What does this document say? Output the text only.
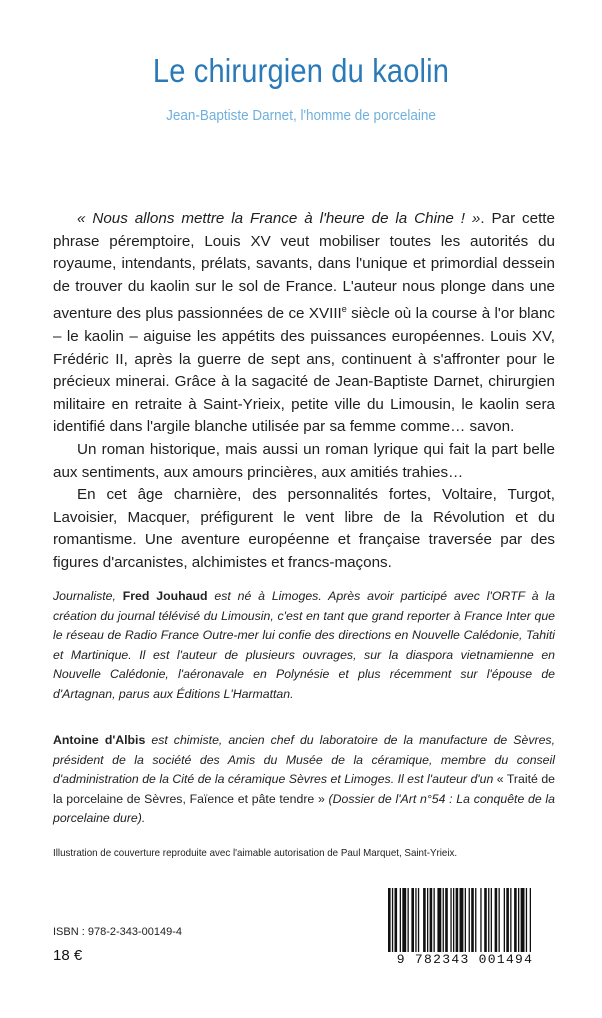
Le chirurgien du kaolin
Jean-Baptiste Darnet, l'homme de porcelaine

« Nous allons mettre la France à l'heure de la Chine ! ». Par cette phrase péremptoire, Louis XV veut mobiliser toutes les autorités du royaume, intendants, prélats, savants, dans l'unique et primordial dessein de trouver du kaolin sur le sol de France. L'auteur nous plonge dans une aventure des plus passionnées de ce XVIIIe siècle où la course à l'or blanc – le kaolin – aiguise les appétits des puissances européennes. Louis XV, Frédéric II, après la guerre de sept ans, continuent à s'affronter pour le précieux minerai. Grâce à la sagacité de Jean-Baptiste Darnet, chirurgien militaire en retraite à Saint-Yrieix, petite ville du Limousin, le kaolin sera identifié dans l'argile blanche utilisée par sa femme comme… savon.

Un roman historique, mais aussi un roman lyrique qui fait la part belle aux sentiments, aux amours princières, aux amitiés trahies…

En cet âge charnière, des personnalités fortes, Voltaire, Turgot, Lavoisier, Macquer, préfigurent le vent libre de la Révolution et du romantisme. Une aventure européenne et française traversée par des figures d'arcanistes, alchimistes et francs-maçons.

Journaliste, Fred Jouhaud est né à Limoges. Après avoir participé avec l'ORTF à la création du journal télévisé du Limousin, c'est en tant que grand reporter à France Inter que le réseau de Radio France Outre-mer lui confie des directions en Nouvelle Calédonie, Tahiti et Martinique. Il est l'auteur de plusieurs ouvrages, sur la diaspora vietnamienne en Nouvelle Calédonie, l'aéronavale en Polynésie et plus récemment sur l'épouse de d'Artagnan, parus aux Éditions L'Harmattan.
Antoine d'Albis est chimiste, ancien chef du laboratoire de la manufacture de Sèvres, président de la société des Amis du Musée de la céramique, membre du conseil d'administration de la Cité de la céramique Sèvres et Limoges. Il est l'auteur d'un « Traité de la porcelaine de Sèvres, Faïence et pâte tendre » (Dossier de l'Art n°54 : La conquête de la porcelaine dure).
Illustration de couverture reproduite avec l'aimable autorisation de Paul Marquet, Saint-Yrieix.
ISBN : 978-2-343-00149-4
18 €	9 782343 001494
